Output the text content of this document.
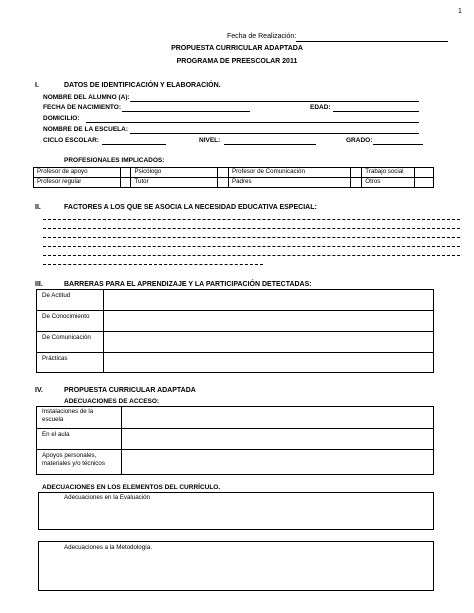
1
Fecha de Realización:
PROPUESTA CURRICULAR ADAPTADA
PROGRAMA DE PREESCOLAR 2011
I.	DATOS DE IDENTIFICACIÓN Y ELABORACIÓN.
NOMBRE DEL ALUMNO (A):
FECHA DE NACIMIENTO:	EDAD:
DOMICILIO:
NOMBRE DE LA ESCUELA:
CICLO ESCOLAR:	NIVEL:	GRADO:
PROFESIONALES IMPLICADOS:
Profesor de apoyo		Psicólogo		Profesor de Comunicación		Trabajo social	
Profesor regular		Tutor		Padres		Otros	
II.	FACTORES A LOS QUE SE ASOCIA LA NECESIDAD EDUCATIVA ESPECIAL:
III.	BARRERAS PARA EL APRENDIZAJE Y LA PARTICIPACIÓN DETECTADAS:
De Actitud
De Conocimiento
De Comunicación
Prácticas
IV.	PROPUESTA CURRICULAR ADAPTADA
ADECUACIONES DE ACCESO:
Instalaciones de la escuela
En el aula
Apoyos personales, materiales y/o técnicos
ADECUACIONES EN LOS ELEMENTOS DEL CURRÍCULO.
Adecuaciones en la Evaluación
Adecuaciones a la Metodología.
